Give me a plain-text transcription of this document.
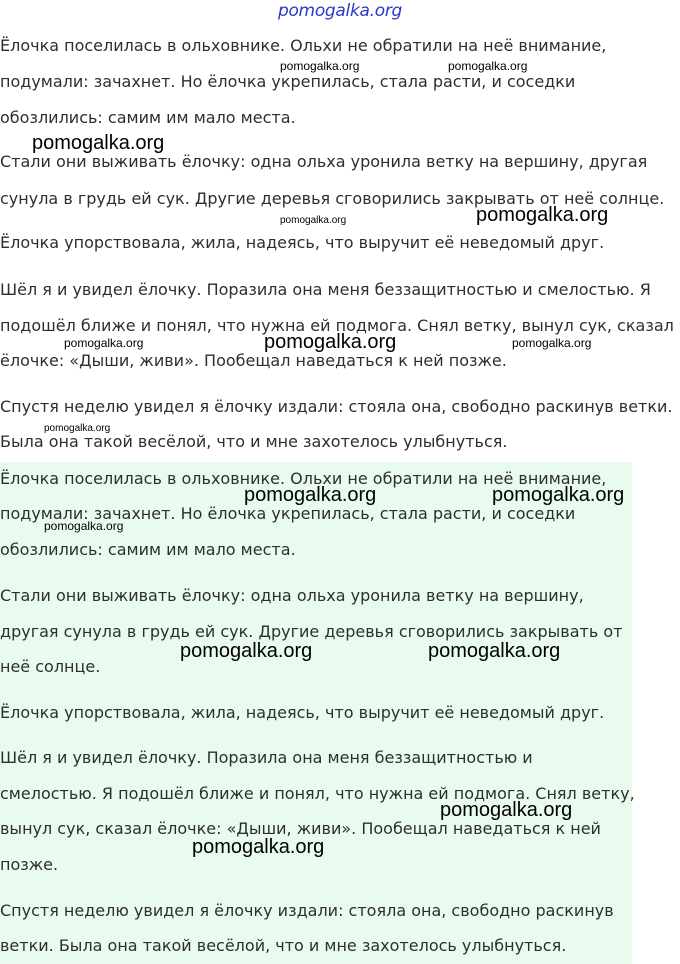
pomogalka.org
Ёлочка поселилась в ольховнике. Ольхи не обратили на неё внимание,
подумали: зачахнет. Но ёлочка укрепилась, стала расти, и соседки
обозлились: самим им мало места.
Стали они выживать ёлочку: одна ольха уронила ветку на вершину, другая
сунула в грудь ей сук. Другие деревья сговорились закрывать от неё солнце.
Ёлочка упорствовала, жила, надеясь, что выручит её неведомый друг.
Шёл я и увидел ёлочку. Поразила она меня беззащитностью и смелостью. Я
подошёл ближе и понял, что нужна ей подмога. Снял ветку, вынул сук, сказал
ёлочке: «Дыши, живи». Пообещал наведаться к ней позже.
Спустя неделю увидел я ёлочку издали: стояла она, свободно раскинув ветки.
Была она такой весёлой, что и мне захотелось улыбнуться.
Ёлочка поселилась в ольховнике. Ольхи не обратили на неё внимание,
подумали: зачахнет. Но ёлочка укрепилась, стала расти, и соседки
обозлились: самим им мало места.
Стали они выживать ёлочку: одна ольха уронила ветку на вершину,
другая сунула в грудь ей сук. Другие деревья сговорились закрывать от
неё солнце.
Ёлочка упорствовала, жила, надеясь, что выручит её неведомый друг.
Шёл я и увидел ёлочку. Поразила она меня беззащитностью и
смелостью. Я подошёл ближе и понял, что нужна ей подмога. Снял ветку,
вынул сук, сказал ёлочке: «Дыши, живи». Пообещал наведаться к ней
позже.
Спустя неделю увидел я ёлочку издали: стояла она, свободно раскинув
ветки. Была она такой весёлой, что и мне захотелось улыбнуться.
pomogalka.org	pomogalka.org
pomogalka.org
pomogalka.org
pomogalka.org
pomogalka.org
pomogalka.org	pomogalka.org
pomogalka.org
pomogalka.org	pomogalka.org
pomogalka.org
pomogalka.org	pomogalka.org
pomogalka.org
pomogalka.org
